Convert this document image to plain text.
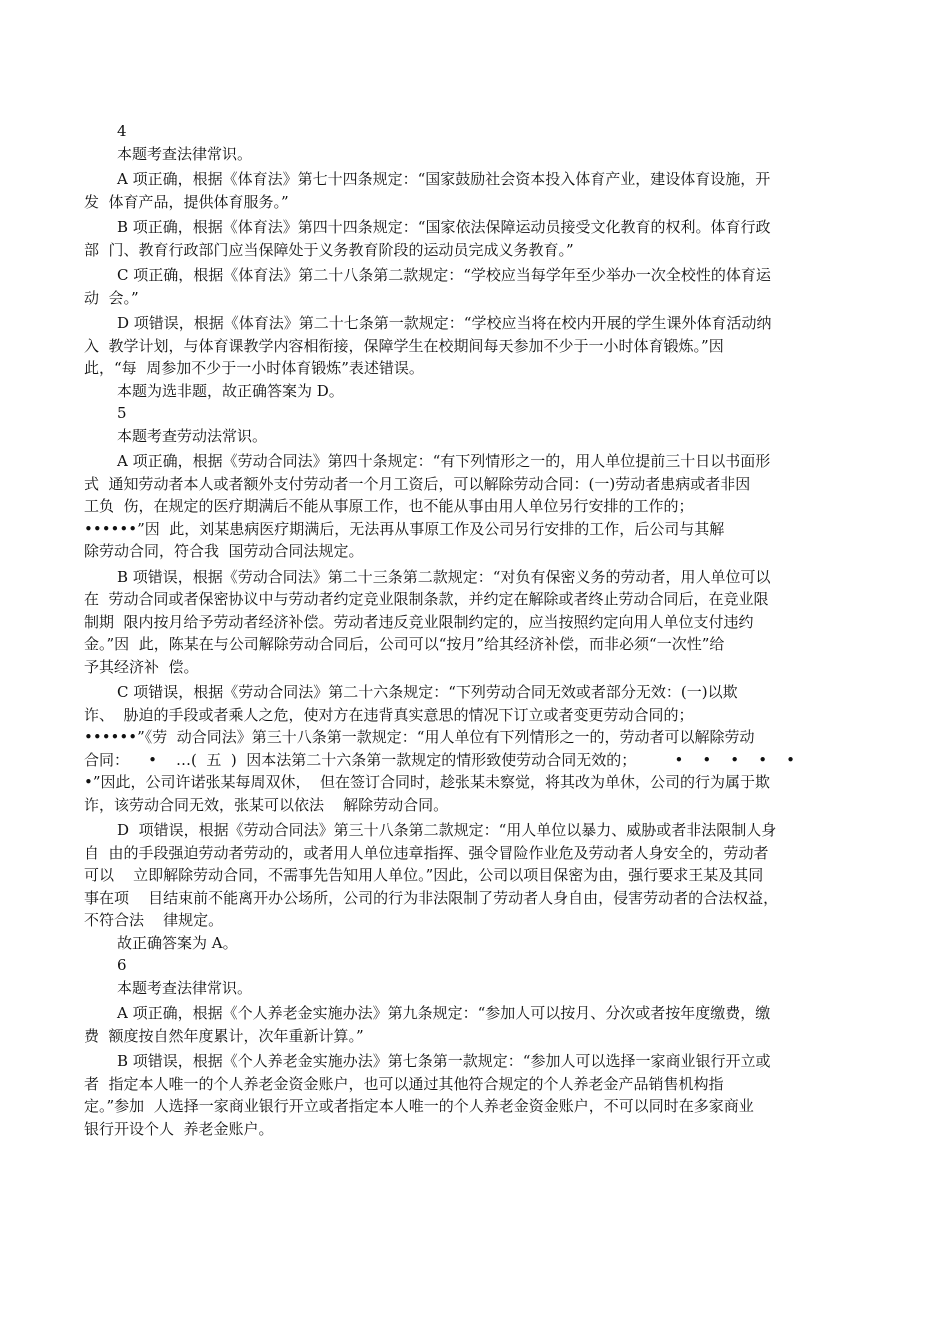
4

本题考查法律常识。

A 项正确，根据《体育法》第七十四条规定：“国家鼓励社会资本投入体育产业，建设体育设施，开

发  体育产品，提供体育服务。”

B 项正确，根据《体育法》第四十四条规定：“国家依法保障运动员接受文化教育的权利。体育行政

部  门、教育行政部门应当保障处于义务教育阶段的运动员完成义务教育。”

C 项正确，根据《体育法》第二十八条第二款规定：“学校应当每学年至少举办一次全校性的体育运

动  会。”

D 项错误，根据《体育法》第二十七条第一款规定：“学校应当将在校内开展的学生课外体育活动纳

入  教学计划，与体育课教学内容相衔接，保障学生在校期间每天参加不少于一小时体育锻炼。”因

此，“每  周参加不少于一小时体育锻炼”表述错误。

本题为选非题，故正确答案为 D。

5

本题考查劳动法常识。

A 项正确，根据《劳动合同法》第四十条规定：“有下列情形之一的，用人单位提前三十日以书面形

式  通知劳动者本人或者额外支付劳动者一个月工资后，可以解除劳动合同：(一)劳动者患病或者非因

工负  伤，在规定的医疗期满后不能从事原工作，也不能从事由用人单位另行安排的工作的；

••••••”因  此，刘某患病医疗期满后，无法再从事原工作及公司另行安排的工作，后公司与其解

除劳动合同，符合我  国劳动合同法规定。

B 项错误，根据《劳动合同法》第二十三条第二款规定：“对负有保密义务的劳动者，用人单位可以

在  劳动合同或者保密协议中与劳动者约定竞业限制条款，并约定在解除或者终止劳动合同后，在竞业限

制期  限内按月给予劳动者经济补偿。劳动者违反竞业限制约定的，应当按照约定向用人单位支付违约

金。”因  此，陈某在与公司解除劳动合同后，公司可以“按月”给其经济补偿，而非必须“一次性”给

予其经济补  偿。

C 项错误，根据《劳动合同法》第二十六条规定：“下列劳动合同无效或者部分无效：(一)以欺

诈、  胁迫的手段或者乘人之危，使对方在违背真实意思的情况下订立或者变更劳动合同的；

••••••”《劳  动合同法》第三十八条第一款规定：“用人单位有下列情形之一的，劳动者可以解除劳动

合同：    •    …(  五  )  因本法第二十六条第一款规定的情形致使劳动合同无效的；        •    •    •    •    •

•”因此，公司许诺张某每周双休，  但在签订合同时，趁张某未察觉，将其改为单休，公司的行为属于欺

诈，该劳动合同无效，张某可以依法    解除劳动合同。

D  项错误，根据《劳动合同法》第三十八条第二款规定：“用人单位以暴力、威胁或者非法限制人身

自  由的手段强迫劳动者劳动的，或者用人单位违章指挥、强令冒险作业危及劳动者人身安全的，劳动者

可以    立即解除劳动合同，不需事先告知用人单位。”因此，公司以项目保密为由，强行要求王某及其同

事在项    目结束前不能离开办公场所，公司的行为非法限制了劳动者人身自由，侵害劳动者的合法权益，

不符合法    律规定。

故正确答案为 A。

6

本题考查法律常识。

A 项正确，根据《个人养老金实施办法》第九条规定：“参加人可以按月、分次或者按年度缴费，缴

费  额度按自然年度累计，次年重新计算。”

B 项错误，根据《个人养老金实施办法》第七条第一款规定：“参加人可以选择一家商业银行开立或

者  指定本人唯一的个人养老金资金账户，也可以通过其他符合规定的个人养老金产品销售机构指

定。”参加  人选择一家商业银行开立或者指定本人唯一的个人养老金资金账户，不可以同时在多家商业

银行开设个人  养老金账户。
